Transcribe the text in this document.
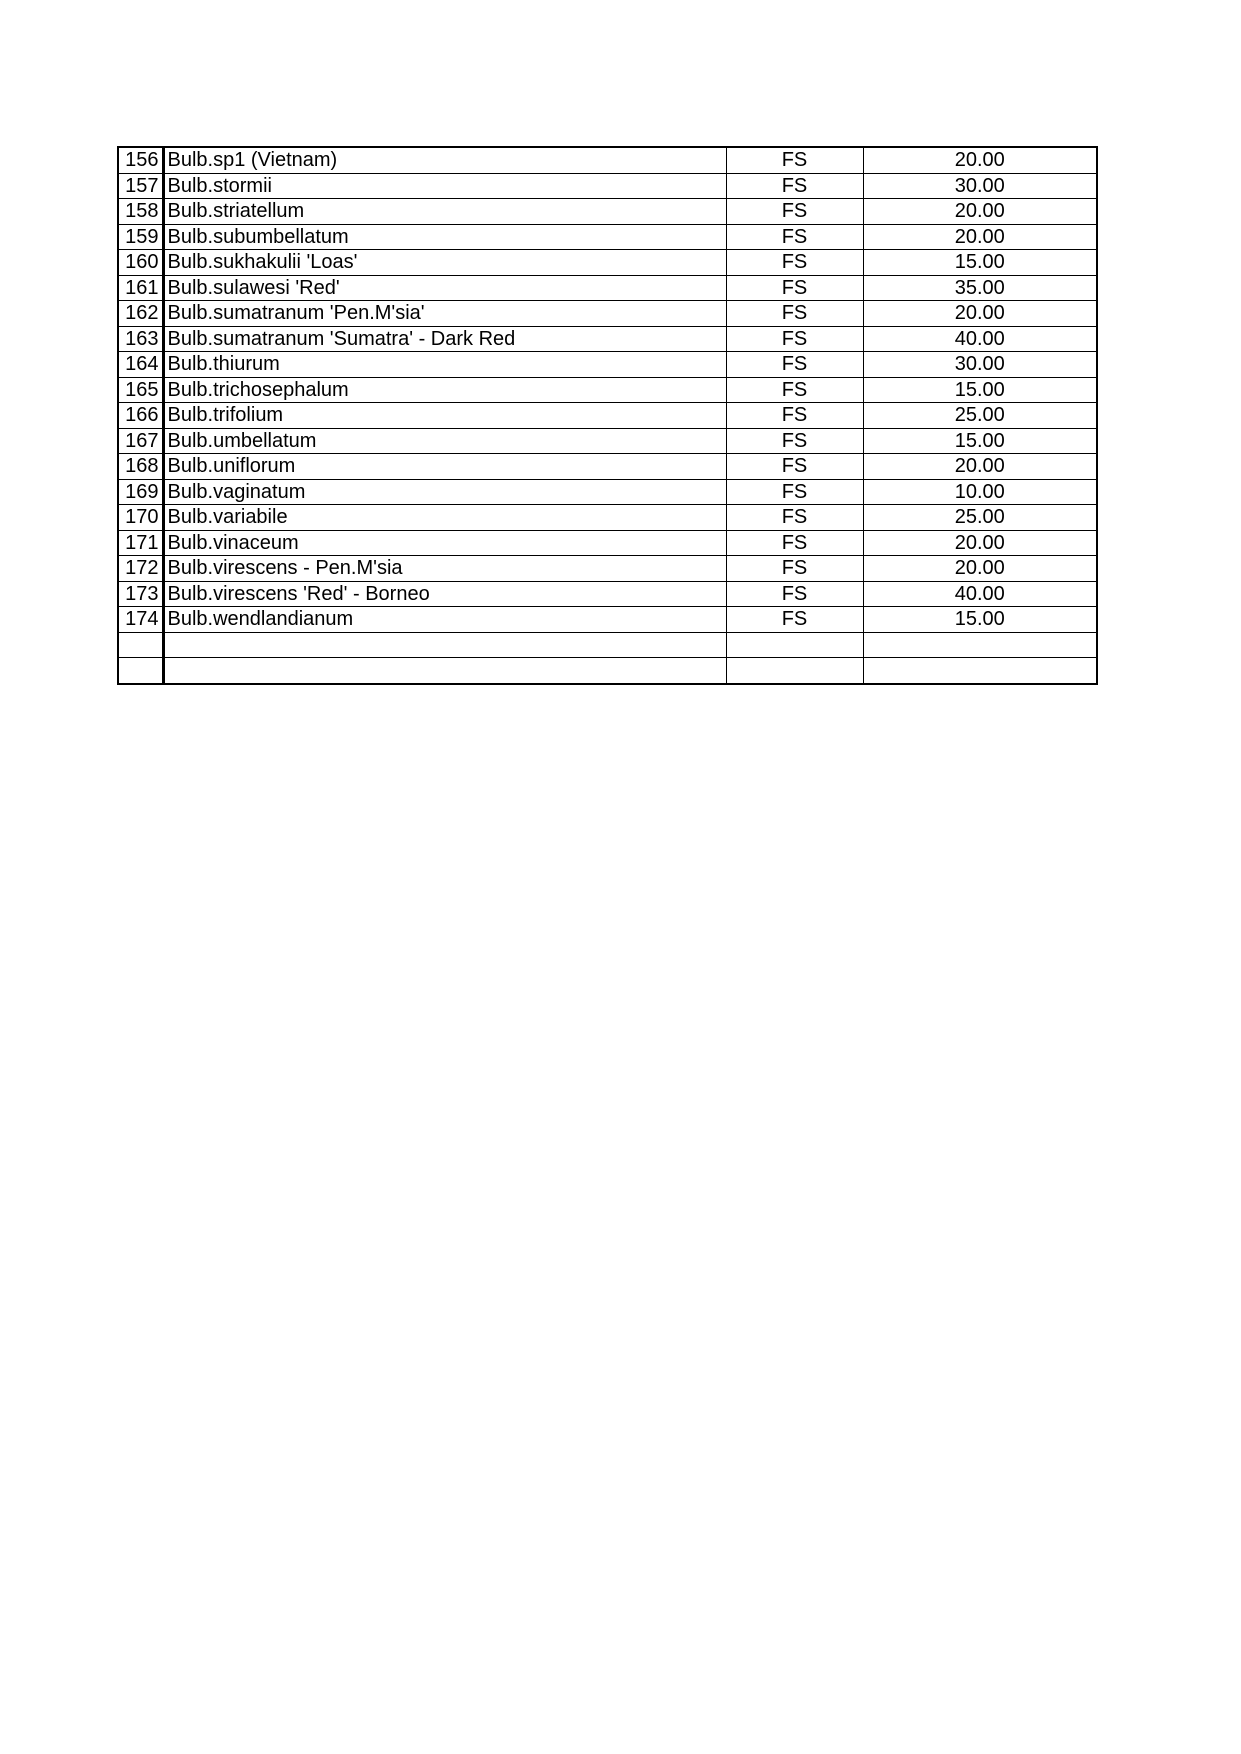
156	Bulb.sp1 (Vietnam)	FS	20.00
157	Bulb.stormii	FS	30.00
158	Bulb.striatellum	FS	20.00
159	Bulb.subumbellatum	FS	20.00
160	Bulb.sukhakulii 'Loas'	FS	15.00
161	Bulb.sulawesi 'Red'	FS	35.00
162	Bulb.sumatranum 'Pen.M'sia'	FS	20.00
163	Bulb.sumatranum 'Sumatra' - Dark Red	FS	40.00
164	Bulb.thiurum	FS	30.00
165	Bulb.trichosephalum	FS	15.00
166	Bulb.trifolium	FS	25.00
167	Bulb.umbellatum	FS	15.00
168	Bulb.uniflorum	FS	20.00
169	Bulb.vaginatum	FS	10.00
170	Bulb.variabile	FS	25.00
171	Bulb.vinaceum	FS	20.00
172	Bulb.virescens - Pen.M'sia	FS	20.00
173	Bulb.virescens 'Red' - Borneo	FS	40.00
174	Bulb.wendlandianum	FS	15.00
